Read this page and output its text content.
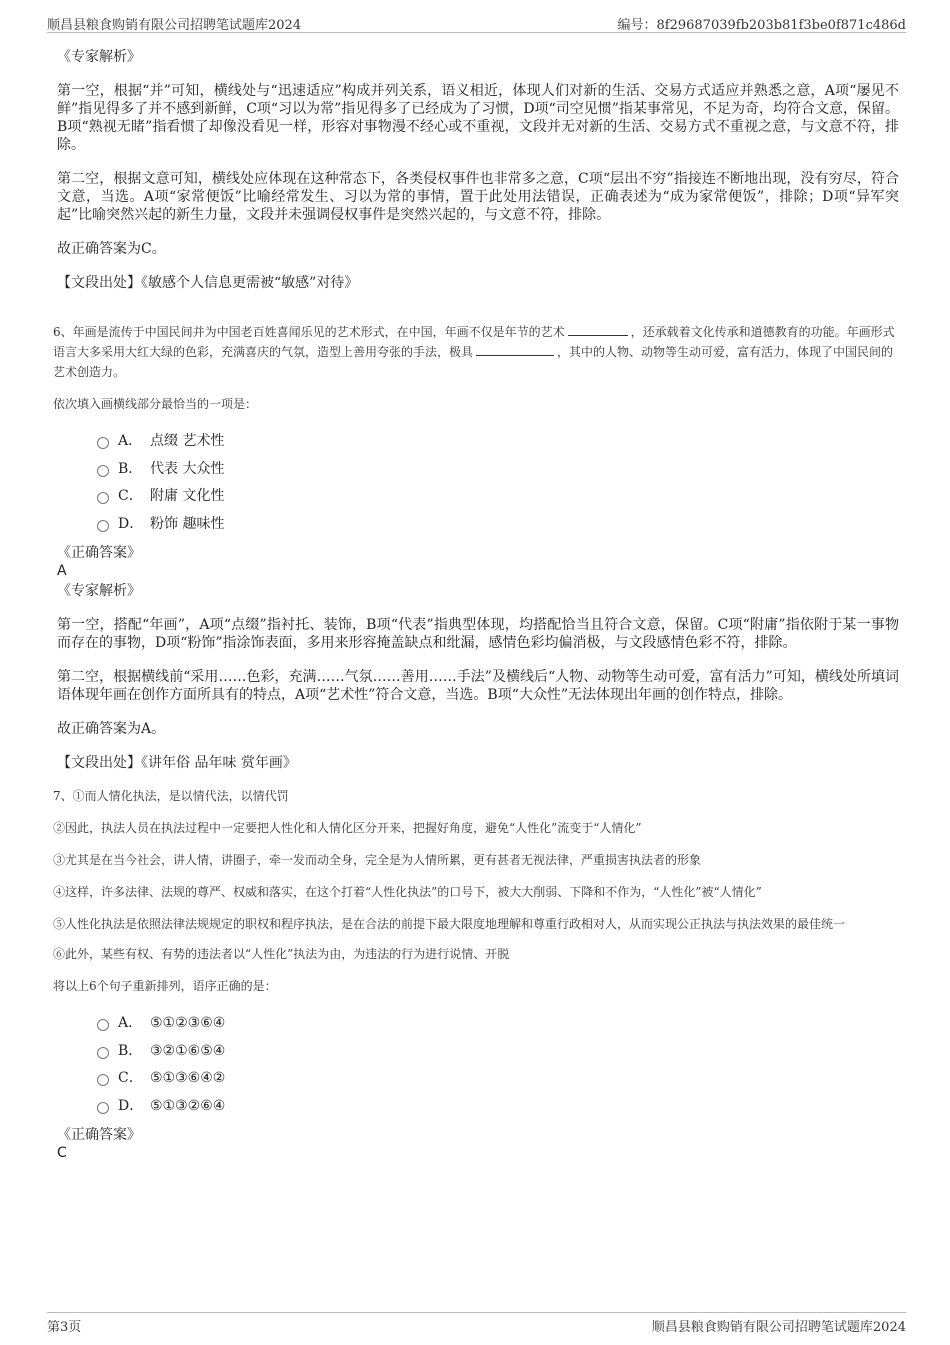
顺昌县粮食购销有限公司招聘笔试题库2024	编号：8f29687039fb203b81f3be0f871c486d
《专家解析》
第一空，根据“并”可知，横线处与“迅速适应”构成并列关系，语义相近，体现人们对新的生活、交易方式适应并熟悉之意，A项“屡见不鲜”指见得多了并不感到新鲜，C项“习以为常”指见得多了已经成为了习惯，D项“司空见惯”指某事常见，不足为奇，均符合文意，保留。B项“熟视无睹”指看惯了却像没看见一样，形容对事物漫不经心或不重视，文段并无对新的生活、交易方式不重视之意，与文意不符，排除。
第二空，根据文意可知，横线处应体现在这种常态下，各类侵权事件也非常多之意，C项“层出不穷”指接连不断地出现，没有穷尽，符合文意，当选。A项“家常便饭”比喻经常发生、习以为常的事情，置于此处用法错误，正确表述为“成为家常便饭”，排除；D项“异军突起”比喻突然兴起的新生力量，文段并未强调侵权事件是突然兴起的，与文意不符，排除。
故正确答案为C。
【文段出处】《敏感个人信息更需被“敏感”对待》
6、年画是流传于中国民间并为中国老百姓喜闻乐见的艺术形式，在中国，年画不仅是年节的艺术	，还承载着文化传承和道德教育的功能。年画形式语言大多采用大红大绿的色彩，充满喜庆的气氛，造型上善用夸张的手法，极具	，其中的人物、动物等生动可爱，富有活力，体现了中国民间的艺术创造力。
依次填入画横线部分最恰当的一项是：
A． 点缀 艺术性
B． 代表 大众性
C． 附庸 文化性
D． 粉饰 趣味性
《正确答案》
A
《专家解析》
第一空，搭配“年画”，A项“点缀”指衬托、装饰，B项“代表”指典型体现，均搭配恰当且符合文意，保留。C项“附庸”指依附于某一事物而存在的事物，D项“粉饰”指涂饰表面，多用来形容掩盖缺点和纰漏，感情色彩均偏消极，与文段感情色彩不符，排除。
第二空，根据横线前“采用……色彩，充满……气氛……善用……手法”及横线后“人物、动物等生动可爱，富有活力”可知，横线处所填词语体现年画在创作方面所具有的特点，A项“艺术性”符合文意，当选。B项“大众性”无法体现出年画的创作特点，排除。
故正确答案为A。
【文段出处】《讲年俗 品年味 赏年画》
7、①而人情化执法，是以情代法，以情代罚
②因此，执法人员在执法过程中一定要把人性化和人情化区分开来，把握好角度，避免“人性化”流变于“人情化”
③尤其是在当今社会，讲人情，讲圈子，牵一发而动全身，完全是为人情所累，更有甚者无视法律，严重损害执法者的形象
④这样，许多法律、法规的尊严、权威和落实，在这个打着“人性化执法”的口号下，被大大削弱、下降和不作为，“人性化”被“人情化”
⑤人性化执法是依照法律法规规定的职权和程序执法，是在合法的前提下最大限度地理解和尊重行政相对人，从而实现公正执法与执法效果的最佳统一
⑥此外，某些有权、有势的违法者以“人性化”执法为由，为违法的行为进行说情、开脱
将以上6个句子重新排列，语序正确的是：
A． ⑤①②③⑥④
B． ③②①⑥⑤④
C． ⑤①③⑥④②
D． ⑤①③②⑥④
《正确答案》
C
第3页	顺昌县粮食购销有限公司招聘笔试题库2024
